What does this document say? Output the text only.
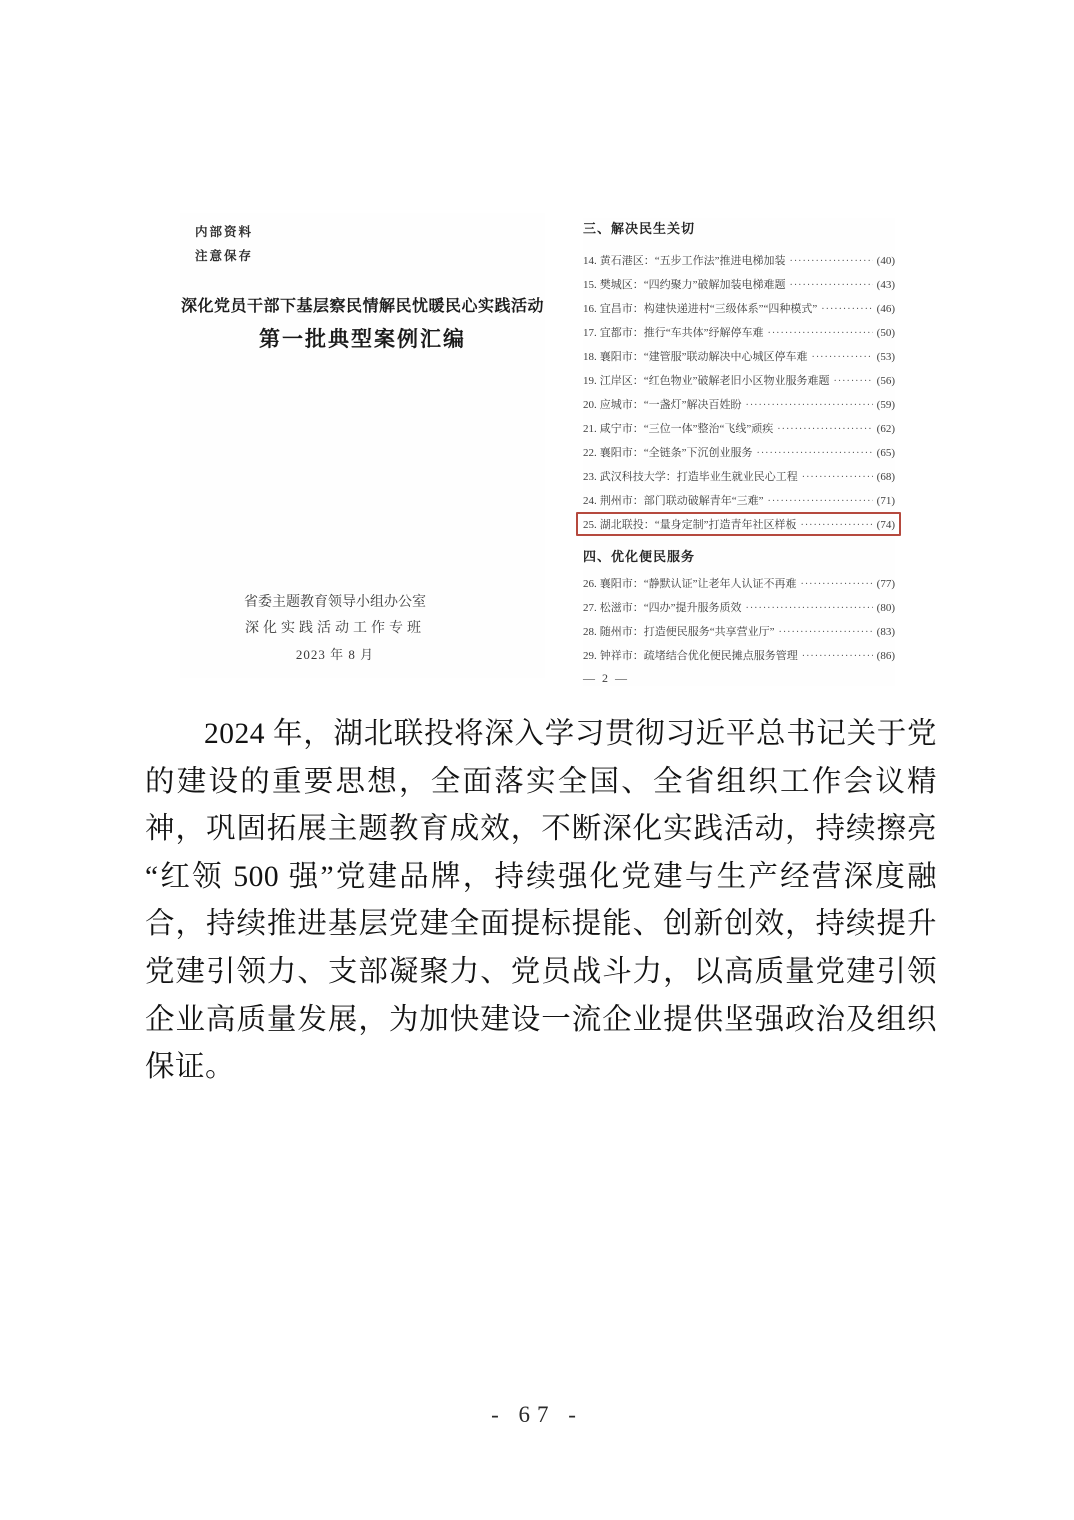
内部资料
注意保存
深化党员干部下基层察民情解民忧暖民心实践活动
第一批典型案例汇编
省委主题教育领导小组办公室
深化实践活动工作专班
2023 年 8 月
三、解决民生关切
14. 黄石港区：“五步工作法”推进电梯加装 ·····	(40)
15. 樊城区：“四约聚力”破解加装电梯难题 ·····	(43)
16. 宜昌市：构建快递进村“三级体系”“四种模式” ·····	(46)
17. 宜都市：推行“车共体”纾解停车难 ·····	(50)
18. 襄阳市：“建管服”联动解决中心城区停车难 ·····	(53)
19. 江岸区：“红色物业”破解老旧小区物业服务难题 ·····	(56)
20. 应城市：“一盏灯”解决百姓盼 ·····	(59)
21. 咸宁市：“三位一体”整治“飞线”顽疾 ·····	(62)
22. 襄阳市：“全链条”下沉创业服务 ·····	(65)
23. 武汉科技大学：打造毕业生就业民心工程 ·····	(68)
24. 荆州市：部门联动破解青年“三难” ·····	(71)
25. 湖北联投：“量身定制”打造青年社区样板 ·····	(74)
四、优化便民服务
26. 襄阳市：“静默认证”让老年人认证不再难 ·····	(77)
27. 松滋市：“四办”提升服务质效 ·····	(80)
28. 随州市：打造便民服务“共享营业厅” ·····	(83)
29. 钟祥市：疏堵结合优化便民摊点服务管理 ·····	(86)
— 2 —
2024 年，湖北联投将深入学习贯彻习近平总书记关于党的建设的重要思想，全面落实全国、全省组织工作会议精神，巩固拓展主题教育成效，不断深化实践活动，持续擦亮“红领 500 强”党建品牌，持续强化党建与生产经营深度融合，持续推进基层党建全面提标提能、创新创效，持续提升党建引领力、支部凝聚力、党员战斗力，以高质量党建引领企业高质量发展，为加快建设一流企业提供坚强政治及组织保证。
- 67 -
